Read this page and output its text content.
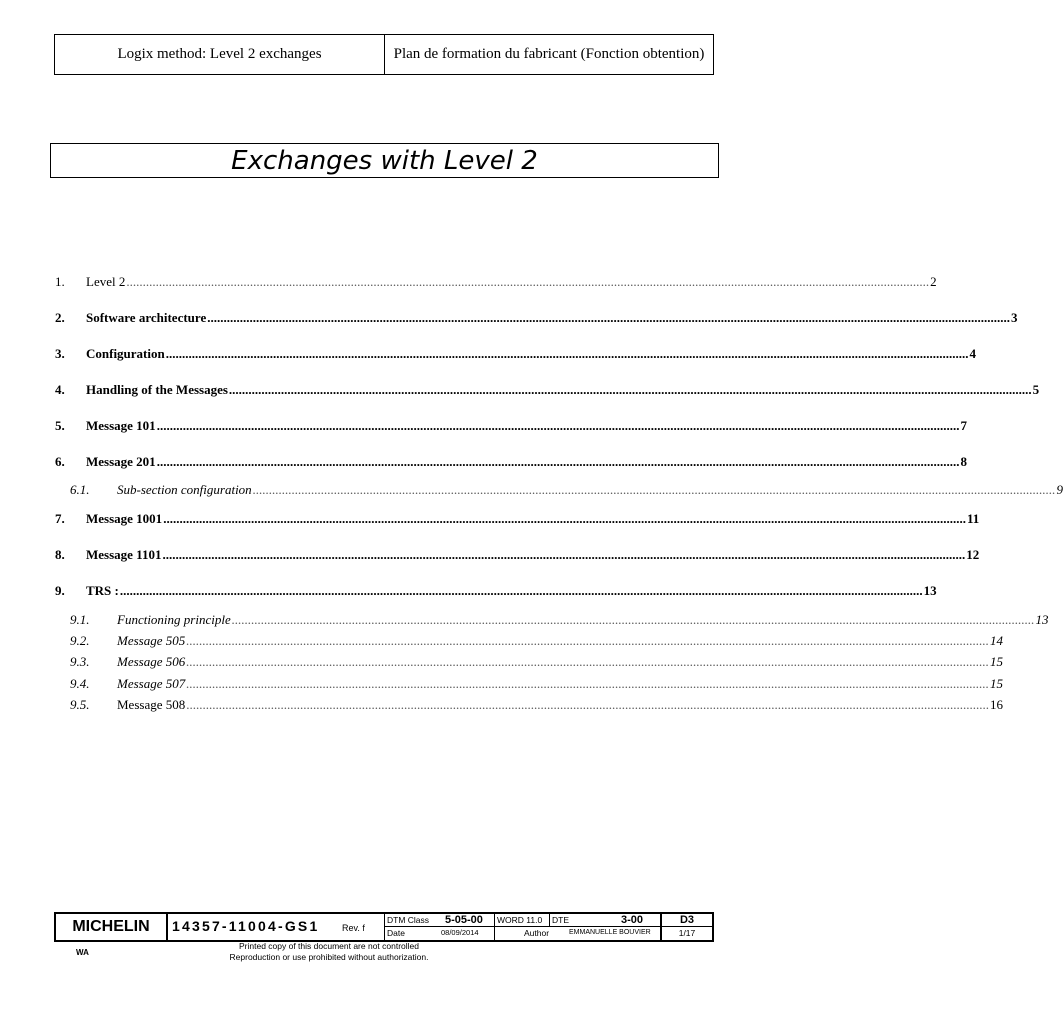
Logix method: Level 2 exchanges	Plan de formation du fabricant (Fonction obtention)
Exchanges with Level 2
1. Level 2 ....................................................................................................................................................................................................................................................... 2
2. Software architecture ....................................................................................................................................................................................................................................................... 3
3. Configuration ....................................................................................................................................................................................................................................................... 4
4. Handling of the Messages ....................................................................................................................................................................................................................................................... 5
5. Message 101 ....................................................................................................................................................................................................................................................... 7
6. Message 201 ....................................................................................................................................................................................................................................................... 8
6.1. Sub-section configuration ....................................................................................................................................................................................................................................................... 9
7. Message 1001 ....................................................................................................................................................................................................................................................... 11
8. Message 1101 ....................................................................................................................................................................................................................................................... 12
9. TRS : ....................................................................................................................................................................................................................................................... 13
9.1. Functioning principle ....................................................................................................................................................................................................................................................... 13
9.2. Message 505 ....................................................................................................................................................................................................................................................... 14
9.3. Message 506 ....................................................................................................................................................................................................................................................... 15
9.4. Message 507 ....................................................................................................................................................................................................................................................... 15
9.5. Message 508 ....................................................................................................................................................................................................................................................... 16
MICHELIN	14357-11004-GS1	Rev. f
DTM Class 5-05-00 WORD 11.0 DTE	3-00
Date	08/09/2014	Author	EMMANUELLE BOUVIER
D3
1/17
WA
Printed copy of this document are not controlled
Reproduction or use prohibited without authorization.
